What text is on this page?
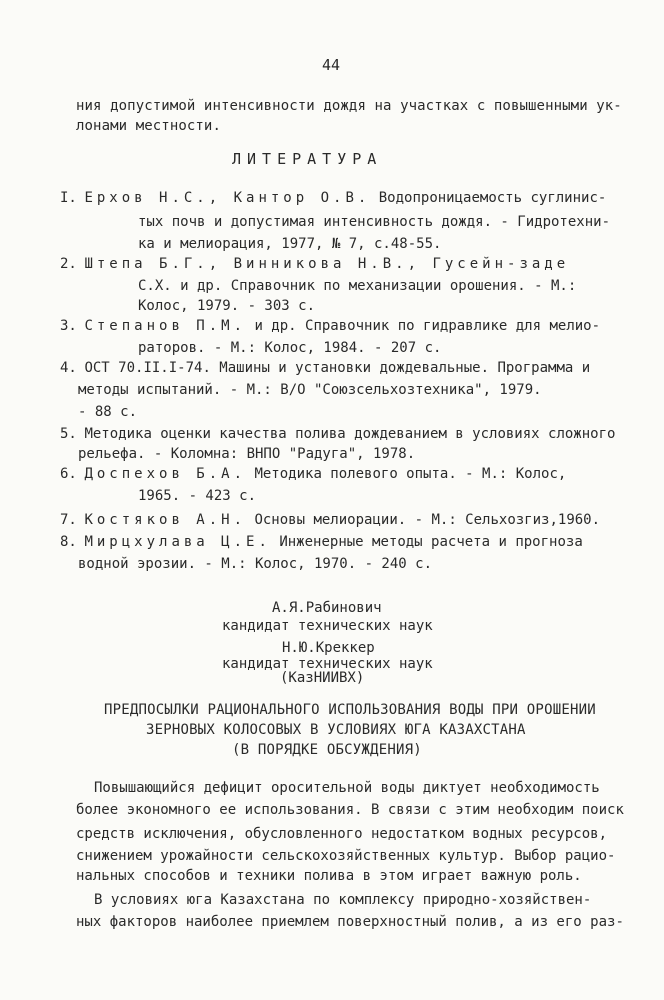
44
ния допустимой интенсивности дождя на участках с повышенными ук-
лонами местности.
ЛИТЕРАТУРА
I. Ерхов Н.С., Кантор О.В. Водопроницаемость суглинис-
тых почв и допустимая интенсивность дождя. - Гидротехни-
ка и мелиорация, 1977, № 7, с.48-55.
2. Штепа Б.Г., Винникова Н.В., Гусейн-заде
С.Х. и др. Справочник по механизации орошения. - М.:
Колос, 1979. - 303 с.
3. Степанов П.М. и др. Справочник по гидравлике для мелио-
раторов. - М.: Колос, 1984. - 207 с.
4. ОСТ 70.II.I-74. Машины и установки дождевальные. Программа и
методы испытаний. - М.: В/О "Союзсельхозтехника", 1979.
- 88 с.
5. Методика оценки качества полива дождеванием в условиях сложного
рельефа. - Коломна: ВНПО "Радуга", 1978.
6. Доспехов Б.А. Методика полевого опыта. - М.: Колос,
1965. - 423 с.
7. Костяков А.Н. Основы мелиорации. - М.: Сельхозгиз,1960.
8. Мирцхулава Ц.Е. Инженерные методы расчета и прогноза
водной эрозии. - М.: Колос, 1970. - 240 с.
А.Я.Рабинович
кандидат технических наук
Н.Ю.Креккер
кандидат технических наук
(КазНИИВХ)
ПРЕДПОСЫЛКИ РАЦИОНАЛЬНОГО ИСПОЛЬЗОВАНИЯ ВОДЫ ПРИ ОРОШЕНИИ
ЗЕРНОВЫХ КОЛОСОВЫХ В УСЛОВИЯХ ЮГА КАЗАХСТАНА
(В ПОРЯДКЕ ОБСУЖДЕНИЯ)
Повышающийся дефицит оросительной воды диктует необходимость
более экономного ее использования. В связи с этим необходим поиск
средств исключения, обусловленного недостатком водных ресурсов,
снижением урожайности сельскохозяйственных культур. Выбор рацио-
нальных способов и техники полива в этом играет важную роль.
В условиях юга Казахстана по комплексу природно-хозяйствен-
ных факторов наиболее приемлем поверхностный полив, а из его раз-
